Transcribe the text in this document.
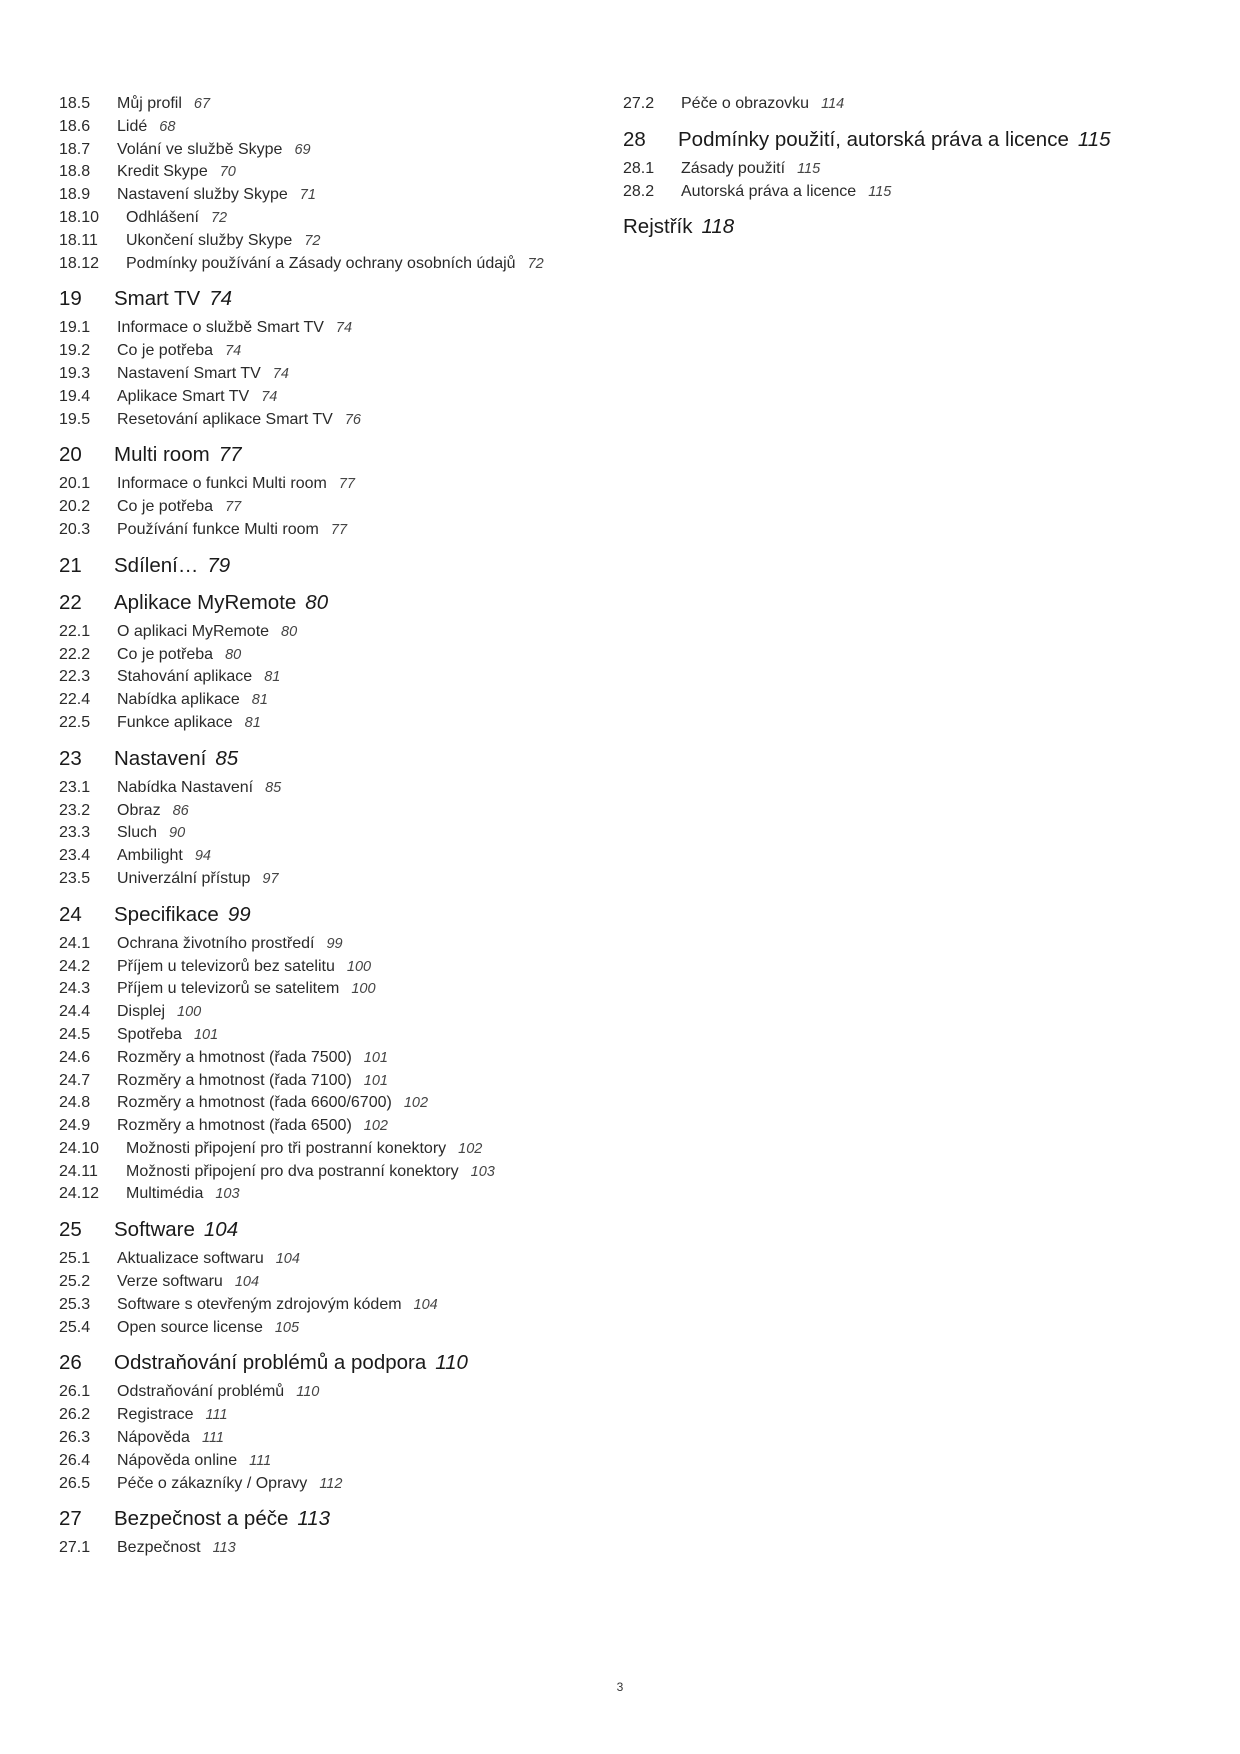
18.5	Můj profil 67
18.6	Lidé 68
18.7	Volání ve službě Skype 69
18.8	Kredit Skype 70
18.9	Nastavení služby Skype 71
18.10	Odhlášení 72
18.11	Ukončení služby Skype 72
18.12	Podmínky používání a Zásady ochrany osobních údajů 72
19	Smart TV 74
19.1	Informace o službě Smart TV 74
19.2	Co je potřeba 74
19.3	Nastavení Smart TV 74
19.4	Aplikace Smart TV 74
19.5	Resetování aplikace Smart TV 76
20	Multi room 77
20.1	Informace o funkci Multi room 77
20.2	Co je potřeba 77
20.3	Používání funkce Multi room 77
21	Sdílení… 79
22	Aplikace MyRemote 80
22.1	O aplikaci MyRemote 80
22.2	Co je potřeba 80
22.3	Stahování aplikace 81
22.4	Nabídka aplikace 81
22.5	Funkce aplikace 81
23	Nastavení 85
23.1	Nabídka Nastavení 85
23.2	Obraz 86
23.3	Sluch 90
23.4	Ambilight 94
23.5	Univerzální přístup 97
24	Specifikace 99
24.1	Ochrana životního prostředí 99
24.2	Příjem u televizorů bez satelitu 100
24.3	Příjem u televizorů se satelitem 100
24.4	Displej 100
24.5	Spotřeba 101
24.6	Rozměry a hmotnost (řada 7500) 101
24.7	Rozměry a hmotnost (řada 7100) 101
24.8	Rozměry a hmotnost (řada 6600/6700) 102
24.9	Rozměry a hmotnost (řada 6500) 102
24.10	Možnosti připojení pro tři postranní konektory 102
24.11	Možnosti připojení pro dva postranní konektory 103
24.12	Multimédia 103
25	Software 104
25.1	Aktualizace softwaru 104
25.2	Verze softwaru 104
25.3	Software s otevřeným zdrojovým kódem 104
25.4	Open source license 105
26	Odstraňování problémů a podpora 110
26.1	Odstraňování problémů 110
26.2	Registrace 111
26.3	Nápověda 111
26.4	Nápověda online 111
26.5	Péče o zákazníky / Opravy 112
27	Bezpečnost a péče 113
27.1	Bezpečnost 113
27.2	Péče o obrazovku 114
28	Podmínky použití, autorská práva a licence 115
28.1	Zásady použití 115
28.2	Autorská práva a licence 115
Rejstřík 118
3
